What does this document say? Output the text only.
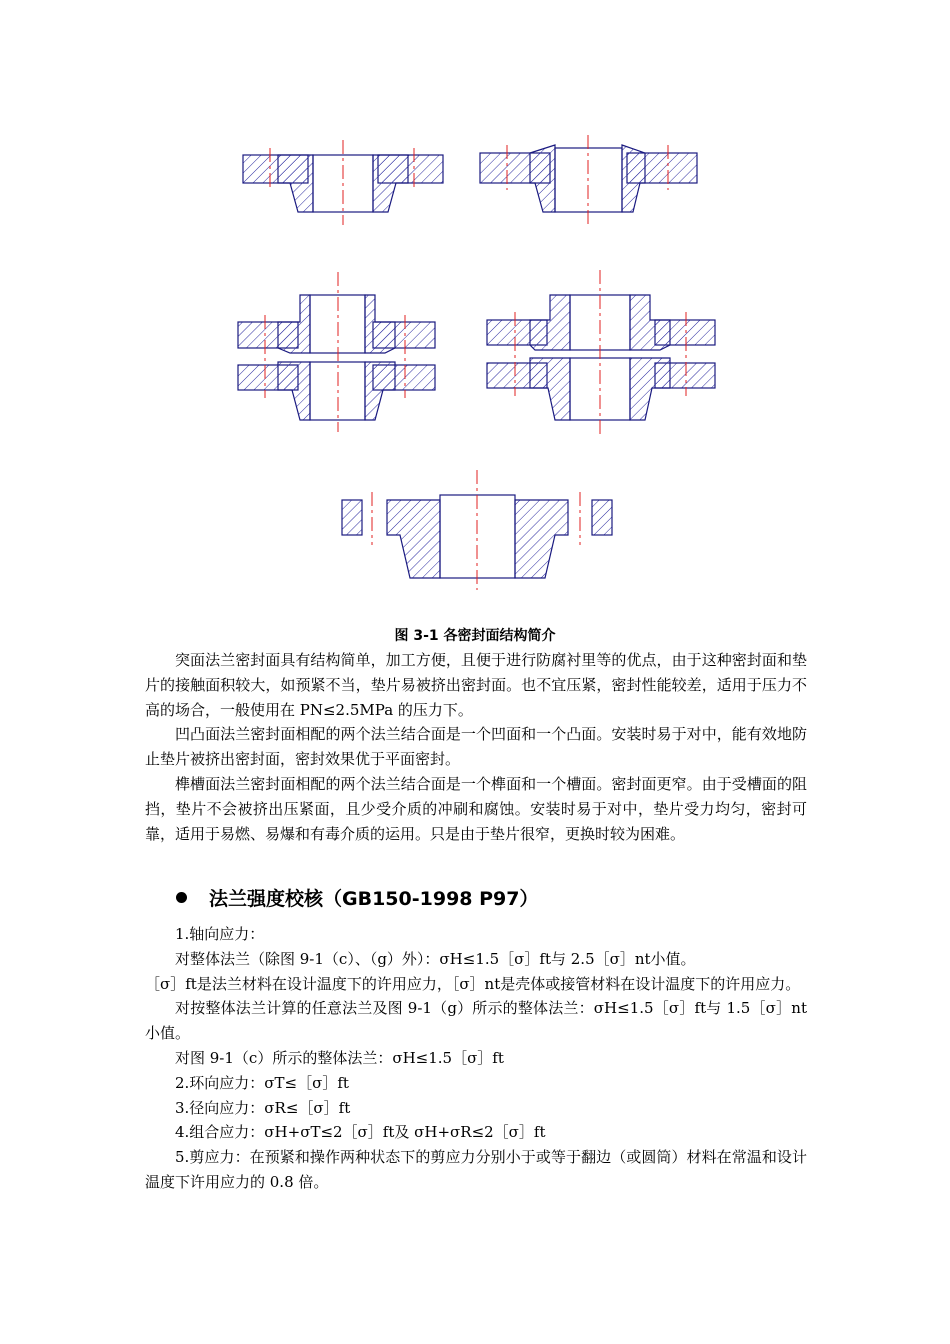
图 3-1 各密封面结构简介

突面法兰密封面具有结构简单，加工方便，且便于进行防腐衬里等的优点，由于这种密封面和垫片的接触面积较大，如预紧不当，垫片易被挤出密封面。也不宜压紧，密封性能较差，适用于压力不高的场合，一般使用在 PN≤2.5MPa 的压力下。

凹凸面法兰密封面相配的两个法兰结合面是一个凹面和一个凸面。安装时易于对中，能有效地防止垫片被挤出密封面，密封效果优于平面密封。

榫槽面法兰密封面相配的两个法兰结合面是一个榫面和一个槽面。密封面更窄。由于受槽面的阻挡，垫片不会被挤出压紧面，且少受介质的冲刷和腐蚀。安装时易于对中，垫片受力均匀，密封可靠，适用于易燃、易爆和有毒介质的运用。只是由于垫片很窄，更换时较为困难。

法兰强度校核（GB150-1998 P97）

1.轴向应力：

对整体法兰（除图 9-1（c）、（g）外）：σH≤1.5［σ］ft与 2.5［σ］nt小值。

［σ］ft是法兰材料在设计温度下的许用应力，［σ］nt是壳体或接管材料在设计温度下的许用应力。

对按整体法兰计算的任意法兰及图 9-1（g）所示的整体法兰：σH≤1.5［σ］ft与 1.5［σ］nt小值。

对图 9-1（c）所示的整体法兰：σH≤1.5［σ］ft

2.环向应力：σT≤［σ］ft

3.径向应力：σR≤［σ］ft

4.组合应力：σH+σT≤2［σ］ft及 σH+σR≤2［σ］ft

5.剪应力：在预紧和操作两种状态下的剪应力分别小于或等于翻边（或圆筒）材料在常温和设计温度下许用应力的 0.8 倍。
